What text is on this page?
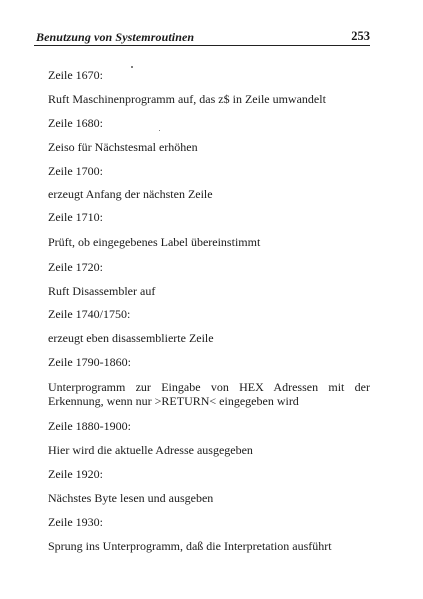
Benutzung von Systemroutinen	253
Zeile 1670:
Ruft Maschinenprogramm auf, das z$ in Zeile umwandelt
Zeile 1680:
Zeiso für Nächstesmal erhöhen
Zeile 1700:
erzeugt Anfang der nächsten Zeile
Zeile 1710:
Prüft, ob eingegebenes Label übereinstimmt
Zeile 1720:
Ruft Disassembler auf
Zeile 1740/1750:
erzeugt eben disassemblierte Zeile
Zeile 1790-1860:
Unterprogramm zur Eingabe von HEX Adressen mit der Erkennung, wenn nur >RETURN< eingegeben wird
Zeile 1880-1900:
Hier wird die aktuelle Adresse ausgegeben
Zeile 1920:
Nächstes Byte lesen und ausgeben
Zeile 1930:
Sprung ins Unterprogramm, daß die Interpretation ausführt
